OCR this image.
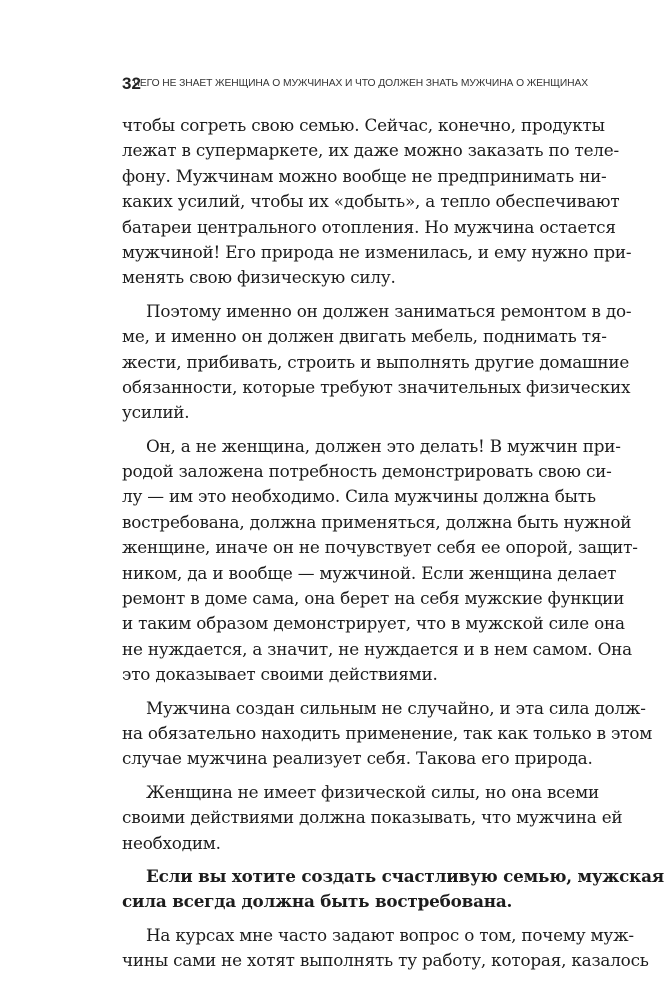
32
ЧЕГО НЕ ЗНАЕТ ЖЕНЩИНА О МУЖЧИНАХ И ЧТО ДОЛЖЕН ЗНАТЬ МУЖЧИНА О ЖЕНЩИНАХ
чтобы согреть свою семью. Сейчас, конечно, продукты
лежат в супермаркете, их даже можно заказать по теле-
фону. Мужчинам можно вообще не предпринимать ни-
каких усилий, чтобы их «добыть», а тепло обеспечивают
батареи центрального отопления. Но мужчина остается
мужчиной! Его природа не изменилась, и ему нужно при-
менять свою физическую силу.
Поэтому именно он должен заниматься ремонтом в до-
ме, и именно он должен двигать мебель, поднимать тя-
жести, прибивать, строить и выполнять другие домашние
обязанности, которые требуют значительных физических
усилий.
Он, а не женщина, должен это делать! В мужчин при-
родой заложена потребность демонстрировать свою си-
лу — им это необходимо. Сила мужчины должна быть
востребована, должна применяться, должна быть нужной
женщине, иначе он не почувствует себя ее опорой, защит-
ником, да и вообще — мужчиной. Если женщина делает
ремонт в доме сама, она берет на себя мужские функции
и таким образом демонстрирует, что в мужской силе она
не нуждается, а значит, не нуждается и в нем самом. Она
это доказывает своими действиями.
Мужчина создан сильным не случайно, и эта сила долж-
на обязательно находить применение, так как только в этом
случае мужчина реализует себя. Такова его природа.
Женщина не имеет физической силы, но она всеми
своими действиями должна показывать, что мужчина ей
необходим.
Если вы хотите создать счастливую семью, мужская
сила всегда должна быть востребована.
На курсах мне часто задают вопрос о том, почему муж-
чины сами не хотят выполнять ту работу, которая, казалось
